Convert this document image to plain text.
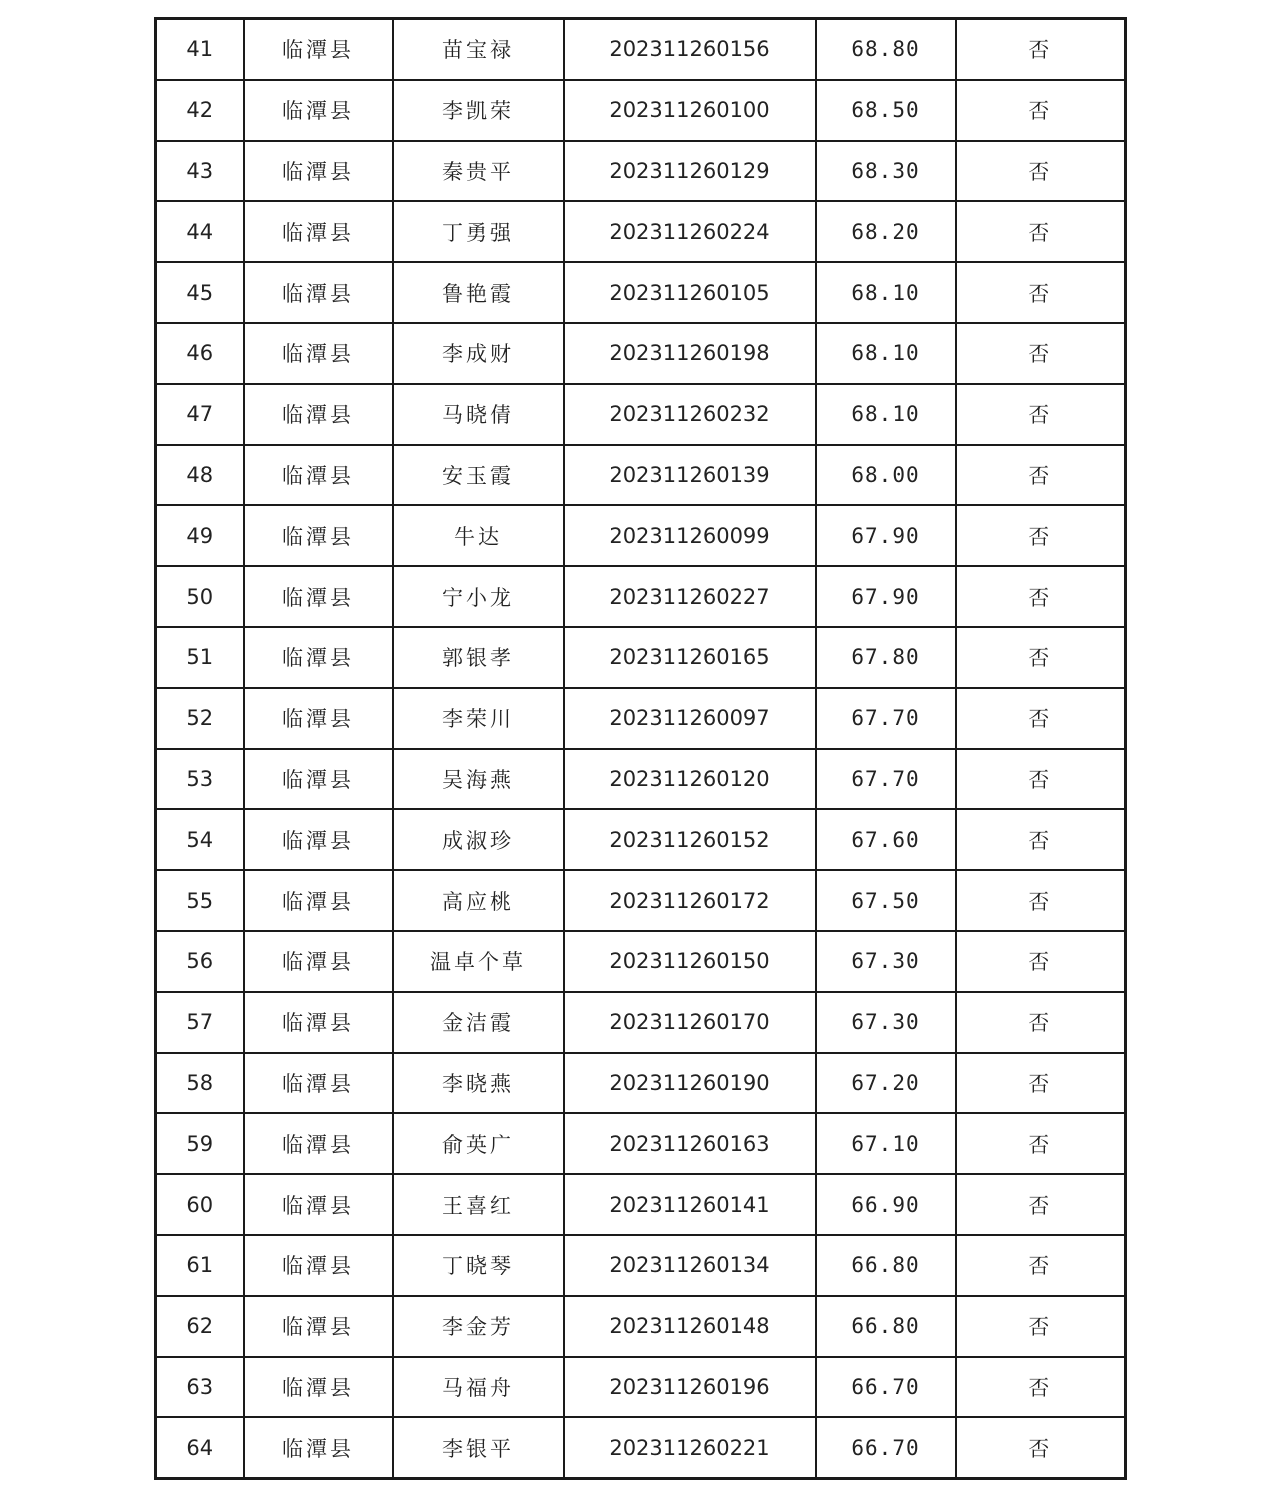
41	临潭县	苗宝禄	202311260156	68.80	否
42	临潭县	李凯荣	202311260100	68.50	否
43	临潭县	秦贵平	202311260129	68.30	否
44	临潭县	丁勇强	202311260224	68.20	否
45	临潭县	鲁艳霞	202311260105	68.10	否
46	临潭县	李成财	202311260198	68.10	否
47	临潭县	马晓倩	202311260232	68.10	否
48	临潭县	安玉霞	202311260139	68.00	否
49	临潭县	牛达	202311260099	67.90	否
50	临潭县	宁小龙	202311260227	67.90	否
51	临潭县	郭银孝	202311260165	67.80	否
52	临潭县	李荣川	202311260097	67.70	否
53	临潭县	吴海燕	202311260120	67.70	否
54	临潭县	成淑珍	202311260152	67.60	否
55	临潭县	高应桃	202311260172	67.50	否
56	临潭县	温卓个草	202311260150	67.30	否
57	临潭县	金洁霞	202311260170	67.30	否
58	临潭县	李晓燕	202311260190	67.20	否
59	临潭县	俞英广	202311260163	67.10	否
60	临潭县	王喜红	202311260141	66.90	否
61	临潭县	丁晓琴	202311260134	66.80	否
62	临潭县	李金芳	202311260148	66.80	否
63	临潭县	马福舟	202311260196	66.70	否
64	临潭县	李银平	202311260221	66.70	否
